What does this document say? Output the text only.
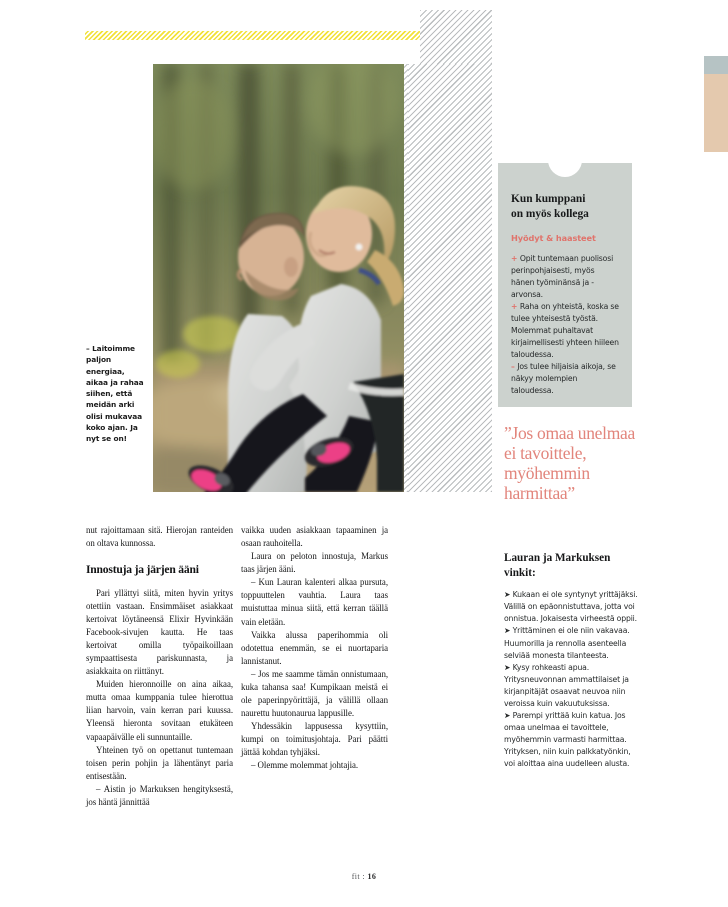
– Laitoimme paljon energiaa, aikaa ja rahaa siihen, että meidän arki olisi mukavaa koko ajan. Ja nyt se on!
Kun kumppani
on myös kollega
Hyödyt & haasteet
+ Opit tuntemaan puolisosi perinpohjaisesti, myös hänen työminänsä ja -arvonsa.
+ Raha on yhteistä, koska se tulee yhteisestä työstä. Molemmat puhaltavat kirjaimellisesti yhteen hiileen taloudessa.
– Jos tulee hiljaisia aikoja, se näkyy molempien taloudessa.
”Jos omaa unelmaa ei tavoittele, myöhemmin harmittaa”
Lauran ja Markuksen vinkit:
➤ Kukaan ei ole syntynyt yrittäjäksi. Välillä on epäonnistuttava, jotta voi onnistua. Jokaisesta virheestä oppii.
➤ Yrittäminen ei ole niin vakavaa. Huumorilla ja rennolla asenteella selviää monesta tilanteesta.
➤ Kysy rohkeasti apua. Yritysneuvonnan ammattilaiset ja kirjanpitäjät osaavat neuvoa niin veroissa kuin vakuutuksissa.
➤ Parempi yrittää kuin katua. Jos omaa unelmaa ei tavoittele, myöhemmin varmasti harmittaa. Yrityksen, niin kuin palkkatyönkin, voi aloittaa aina uudelleen alusta.

nut rajoittamaan sitä. Hierojan ranteiden on oltava kunnossa.

Innostuja ja järjen ääni

Pari yllättyi siitä, miten hyvin yritys otettiin vastaan. Ensimmäiset asiakkaat kertoivat löytäneensä Elixir Hyvinkään Facebook-sivujen kautta. He taas kertoivat omilla työpaikoillaan sympaattisesta pariskunnasta, ja asiakkaita on riittänyt.

Muiden hieronnoille on aina aikaa, mutta omaa kumppania tulee hierottua liian harvoin, vain kerran pari kuussa. Yleensä hieronta sovitaan etukäteen vapaapäivälle eli sunnuntaille.

Yhteinen työ on opettanut tuntemaan toisen perin pohjin ja lähentänyt paria entisestään.

– Aistin jo Markuksen hengityksestä, jos häntä jännittää

vaikka uuden asiakkaan tapaaminen ja osaan rauhoitella.

Laura on peloton innostuja, Markus taas järjen ääni.

– Kun Lauran kalenteri alkaa pursuta, toppuuttelen vauhtia. Laura taas muistuttaa minua siitä, että kerran täällä vain eletään.

Vaikka alussa paperihommia oli odotettua enemmän, se ei nuortaparia lannistanut.

– Jos me saamme tämän onnistumaan, kuka tahansa saa! Kumpikaan meistä ei ole paperinpyörittäjä, ja välillä ollaan naurettu huutonaurua lappusille.

Yhdessäkin lappusessa kysyttiin, kumpi on toimitusjohtaja. Pari päätti jättää kohdan tyhjäksi.

– Olemme molemmat johtajia.

fit : 16
